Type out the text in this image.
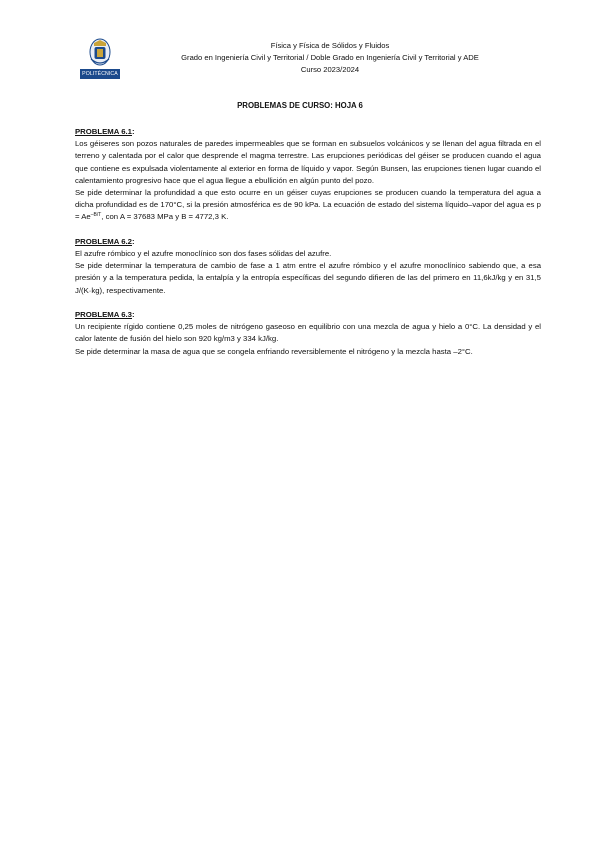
POLITÉCNICA
Física y Física de Sólidos y Fluidos
Grado en Ingeniería Civil y Territorial / Doble Grado en Ingeniería Civil y Territorial y ADE
Curso 2023/2024
PROBLEMAS DE CURSO: HOJA 6
PROBLEMA 6.1:

Los géiseres son pozos naturales de paredes impermeables que se forman en subsuelos volcánicos y se llenan del agua filtrada en el terreno y calentada por el calor que desprende el magma terrestre. Las erupciones periódicas del géiser se producen cuando el agua que contiene es expulsada violentamente al exterior en forma de líquido y vapor. Según Bunsen, las erupciones tienen lugar cuando el calentamiento progresivo hace que el agua llegue a ebullición en algún punto del pozo.

Se pide determinar la profundidad a que esto ocurre en un géiser cuyas erupciones se producen cuando la temperatura del agua a dicha profundidad es de 170°C, si la presión atmosférica es de 90 kPa. La ecuación de estado del sistema líquido–vapor del agua es $p = Ae^{-B/T}$, con A = 37683 MPa y B = 4772,3 K.

PROBLEMA 6.2:

El azufre rómbico y el azufre monoclínico son dos fases sólidas del azufre.

Se pide determinar la temperatura de cambio de fase a 1 atm entre el azufre rómbico y el azufre monoclínico sabiendo que, a esa presión y a la temperatura pedida, la entalpía y la entropía específicas del segundo difieren de las del primero en 11,6kJ/kg y en 31,5 J/(K·kg), respectivamente.

PROBLEMA 6.3:

Un recipiente rígido contiene 0,25 moles de nitrógeno gaseoso en equilibrio con una mezcla de agua y hielo a 0°C. La densidad y el calor latente de fusión del hielo son 920 kg/m3 y 334 kJ/kg.

Se pide determinar la masa de agua que se congela enfriando reversiblemente el nitrógeno y la mezcla hasta –2°C.
